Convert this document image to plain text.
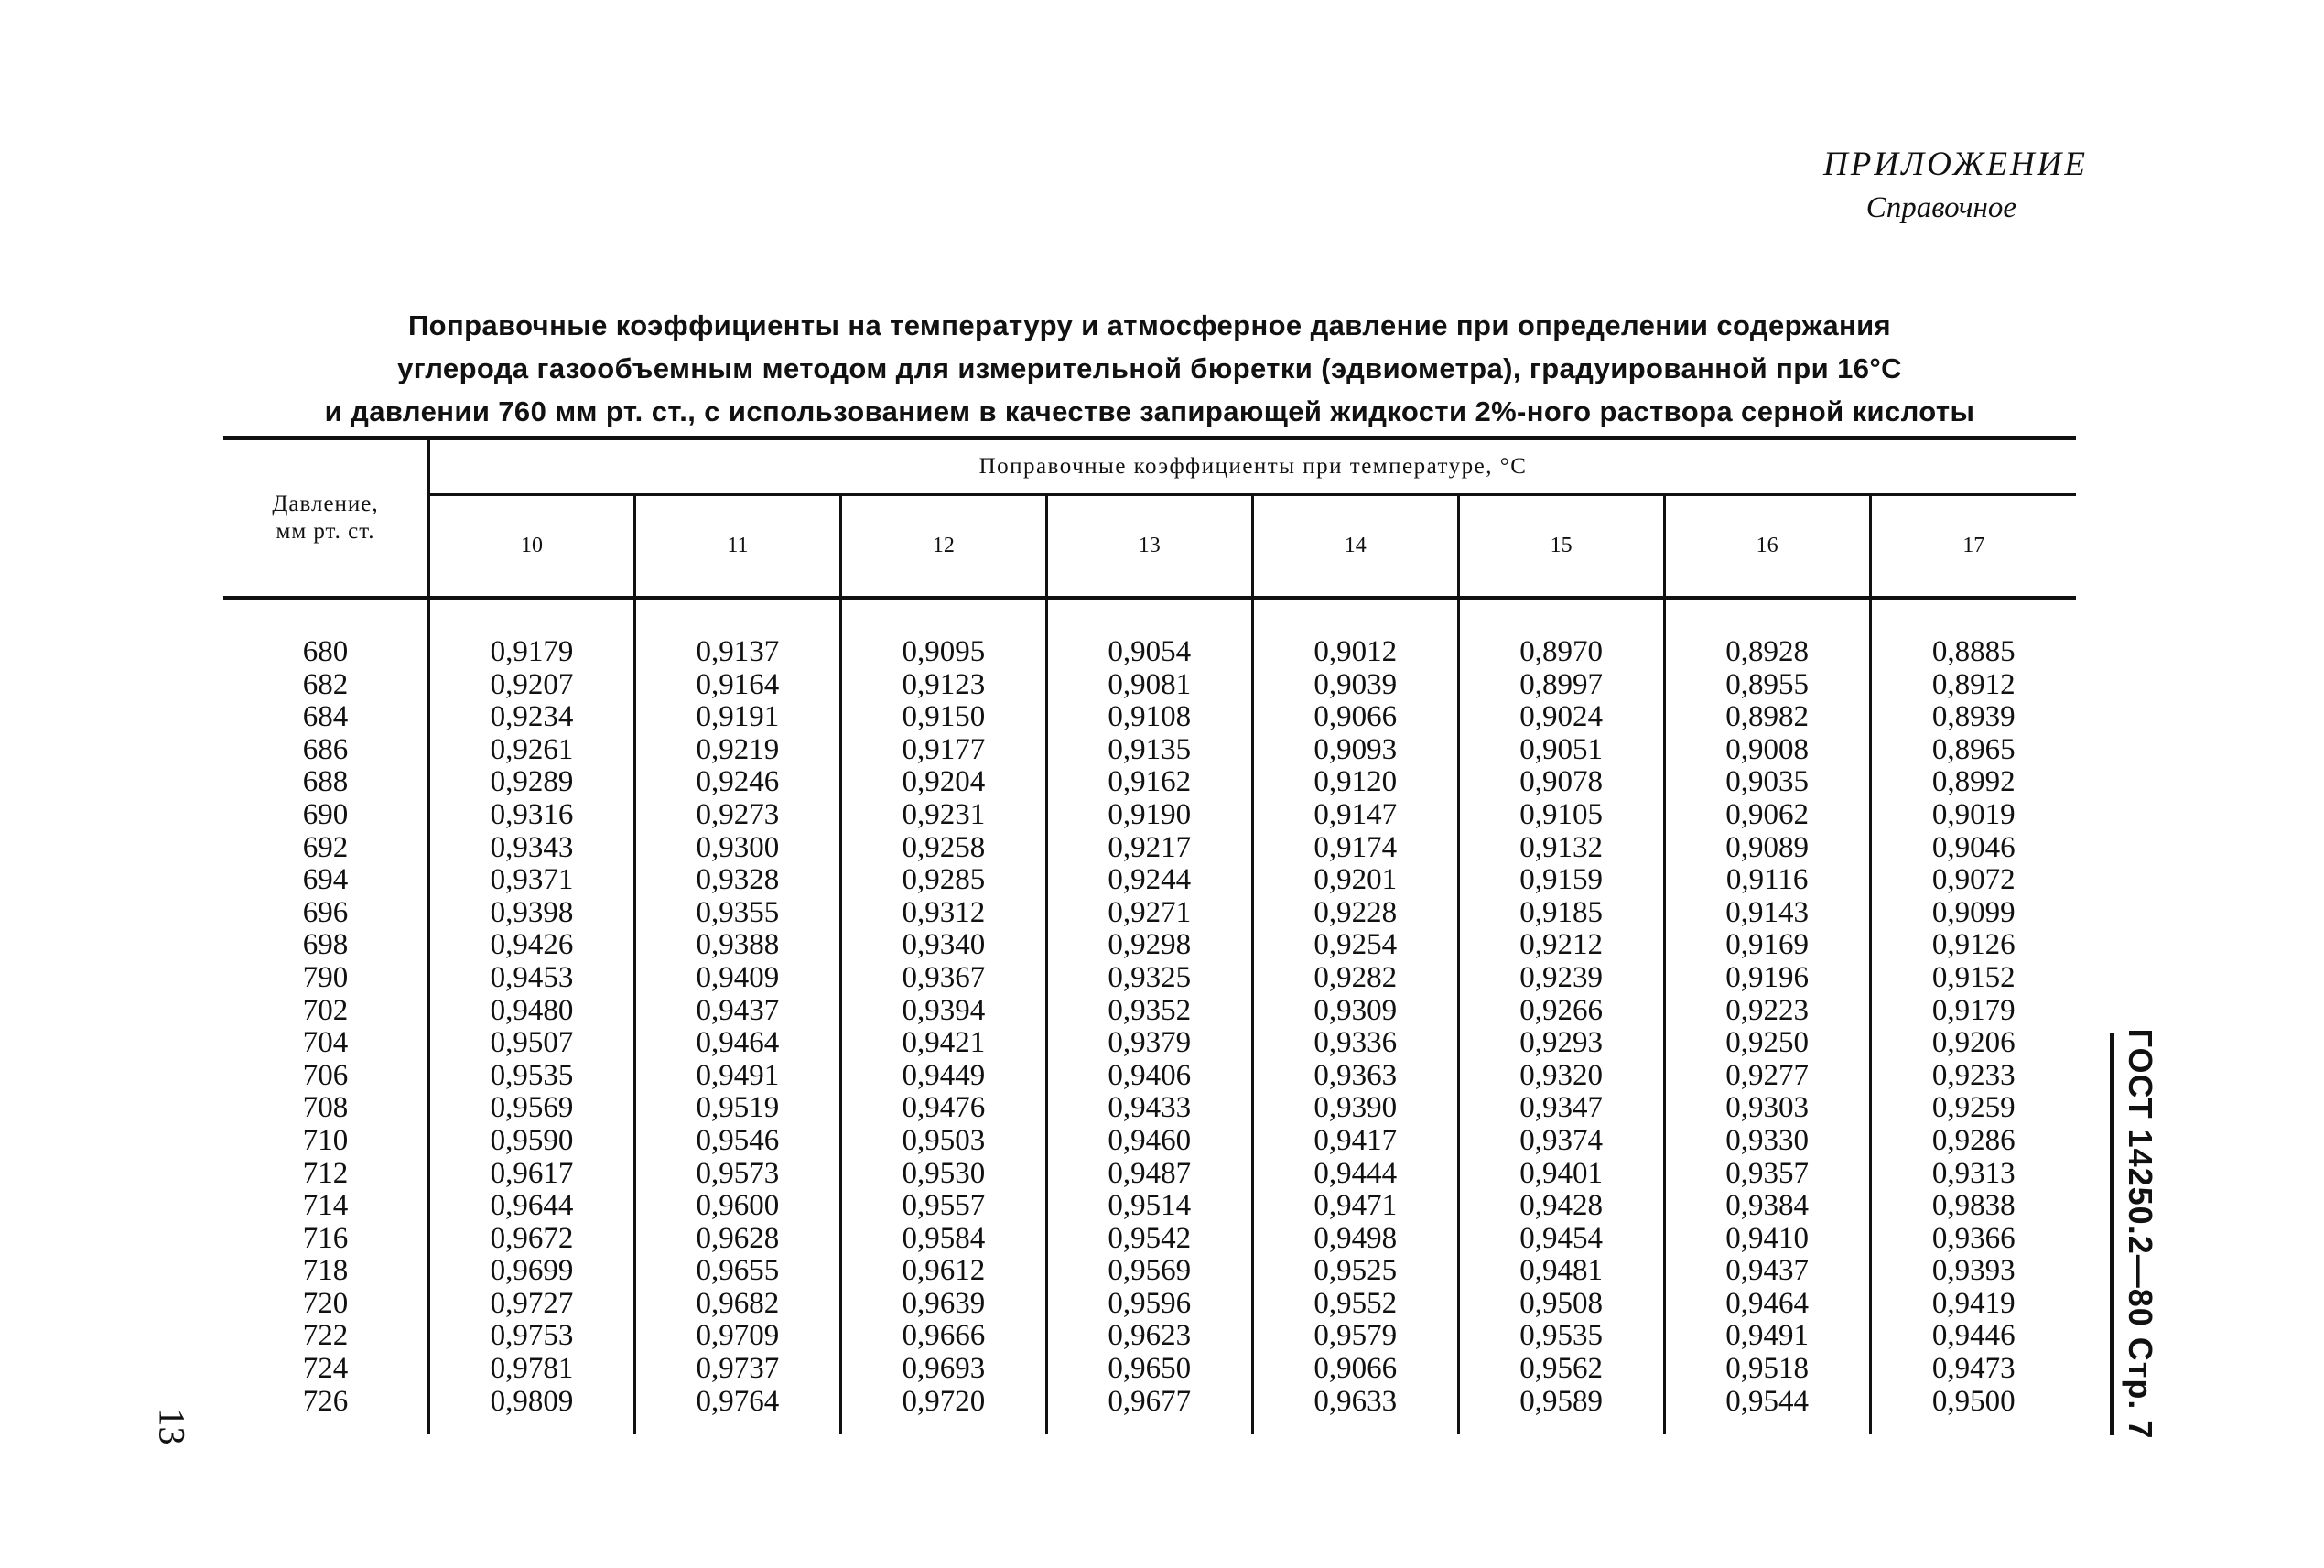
ПРИЛОЖЕНИЕ
Справочное
Поправочные коэффициенты на температуру и атмосферное давление при определении содержания
углерода газообъемным методом для измерительной бюретки (эдвиометра), градуированной при 16°С
и давлении 760 мм рт. ст., с использованием в качестве запирающей жидкости 2%-ного раствора серной кислоты
Давление,
мм рт. ст.	Поправочные коэффициенты при температуре, °С							
	10	11	12	13	14	15	16	17
680	0,9179	0,9137	0,9095	0,9054	0,9012	0,8970	0,8928	0,8885
682	0,9207	0,9164	0,9123	0,9081	0,9039	0,8997	0,8955	0,8912
684	0,9234	0,9191	0,9150	0,9108	0,9066	0,9024	0,8982	0,8939
686	0,9261	0,9219	0,9177	0,9135	0,9093	0,9051	0,9008	0,8965
688	0,9289	0,9246	0,9204	0,9162	0,9120	0,9078	0,9035	0,8992
690	0,9316	0,9273	0,9231	0,9190	0,9147	0,9105	0,9062	0,9019
692	0,9343	0,9300	0,9258	0,9217	0,9174	0,9132	0,9089	0,9046
694	0,9371	0,9328	0,9285	0,9244	0,9201	0,9159	0,9116	0,9072
696	0,9398	0,9355	0,9312	0,9271	0,9228	0,9185	0,9143	0,9099
698	0,9426	0,9388	0,9340	0,9298	0,9254	0,9212	0,9169	0,9126
790	0,9453	0,9409	0,9367	0,9325	0,9282	0,9239	0,9196	0,9152
702	0,9480	0,9437	0,9394	0,9352	0,9309	0,9266	0,9223	0,9179
704	0,9507	0,9464	0,9421	0,9379	0,9336	0,9293	0,9250	0,9206
706	0,9535	0,9491	0,9449	0,9406	0,9363	0,9320	0,9277	0,9233
708	0,9569	0,9519	0,9476	0,9433	0,9390	0,9347	0,9303	0,9259
710	0,9590	0,9546	0,9503	0,9460	0,9417	0,9374	0,9330	0,9286
712	0,9617	0,9573	0,9530	0,9487	0,9444	0,9401	0,9357	0,9313
714	0,9644	0,9600	0,9557	0,9514	0,9471	0,9428	0,9384	0,9838
716	0,9672	0,9628	0,9584	0,9542	0,9498	0,9454	0,9410	0,9366
718	0,9699	0,9655	0,9612	0,9569	0,9525	0,9481	0,9437	0,9393
720	0,9727	0,9682	0,9639	0,9596	0,9552	0,9508	0,9464	0,9419
722	0,9753	0,9709	0,9666	0,9623	0,9579	0,9535	0,9491	0,9446
724	0,9781	0,9737	0,9693	0,9650	0,9066	0,9562	0,9518	0,9473
726	0,9809	0,9764	0,9720	0,9677	0,9633	0,9589	0,9544	0,9500	ГОСТ 14250.2—80 Стр. 7
13
